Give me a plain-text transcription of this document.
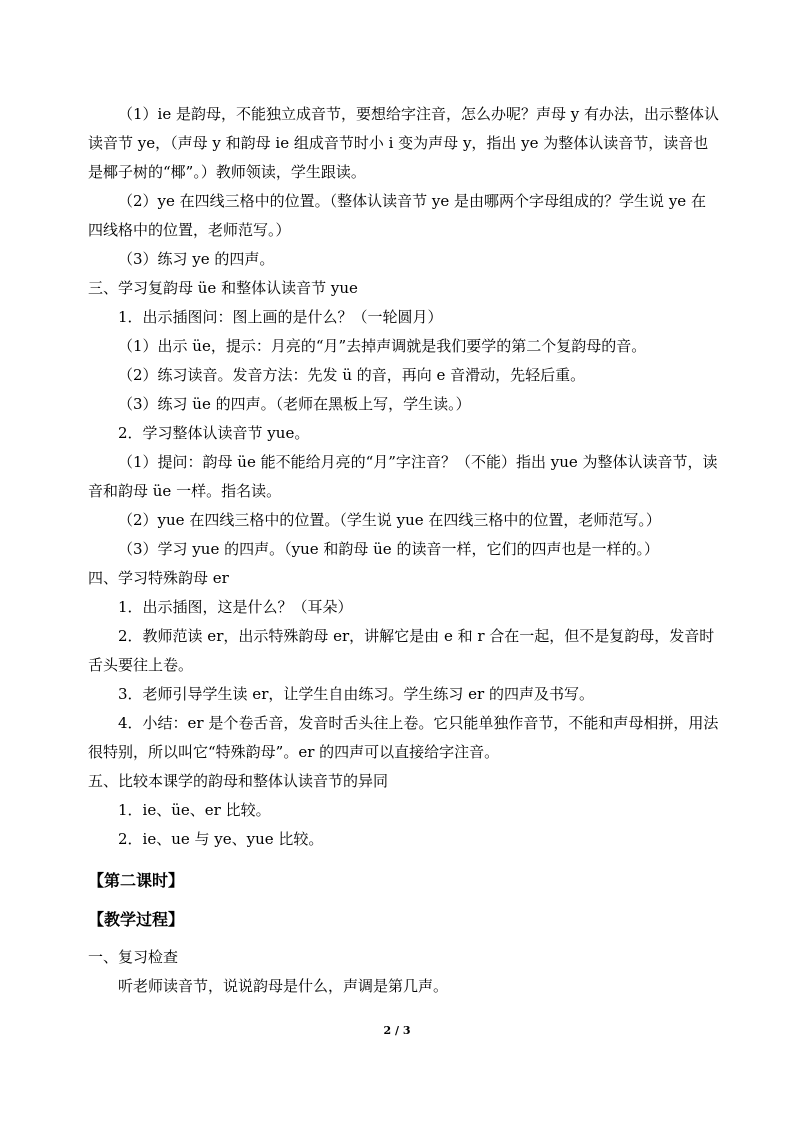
（1）ie 是韵母，不能独立成音节，要想给字注音，怎么办呢？声母 y 有办法，出示整体认读音节 ye，（声母 y 和韵母 ie 组成音节时小 i 变为声母 y，指出 ye 为整体认读音节，读音也是椰子树的“椰”。）教师领读，学生跟读。

（2）ye 在四线三格中的位置。（整体认读音节 ye 是由哪两个字母组成的？学生说 ye 在四线格中的位置，老师范写。）

（3）练习 ye 的四声。

三、学习复韵母 üe 和整体认读音节 yue

1．出示插图问：图上画的是什么？（一轮圆月）

（1）出示 üe，提示：月亮的“月”去掉声调就是我们要学的第二个复韵母的音。

（2）练习读音。发音方法：先发 ü 的音，再向 e 音滑动，先轻后重。

（3）练习 üe 的四声。（老师在黑板上写，学生读。）

2．学习整体认读音节 yue。

（1）提问：韵母 üe 能不能给月亮的“月”字注音？（不能）指出 yue 为整体认读音节，读音和韵母 üe 一样。指名读。

（2）yue 在四线三格中的位置。（学生说 yue 在四线三格中的位置，老师范写。）

（3）学习 yue 的四声。（yue 和韵母 üe 的读音一样，它们的四声也是一样的。）

四、学习特殊韵母 er

1．出示插图，这是什么？（耳朵）

2．教师范读 er，出示特殊韵母 er，讲解它是由 e 和 r 合在一起，但不是复韵母，发音时舌头要往上卷。

3．老师引导学生读 er，让学生自由练习。学生练习 er 的四声及书写。

4．小结：er 是个卷舌音，发音时舌头往上卷。它只能单独作音节，不能和声母相拼，用法很特别，所以叫它“特殊韵母”。er 的四声可以直接给字注音。

五、比较本课学的韵母和整体认读音节的异同

1．ie、üe、er 比较。

2．ie、ue 与 ye、yue 比较。

【第二课时】

【教学过程】

一、复习检查

听老师读音节，说说韵母是什么，声调是第几声。

2 / 3
